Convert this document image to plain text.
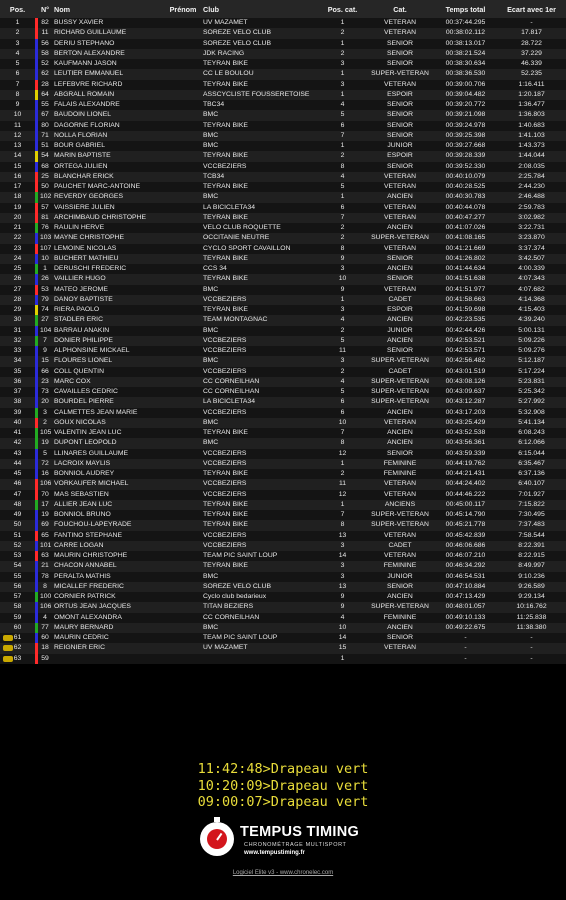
Pos.		N°	Nom	Prénom	Club	Pos. cat.	Cat.	Temps total	Ecart avec 1er
1		82	BUSSY XAVIER		UV MAZAMET	1	VETERAN	00:37:44.295	-
2		11	RICHARD GUILLAUME		SOREZE VELO CLUB	2	VETERAN	00:38:02.112	17.817
3		56	DERIU STEPHANO		SOREZE VELO CLUB	1	SENIOR	00:38:13.017	28.722
4		58	BERTON ALEXANDRE		JDK RACING	2	SENIOR	00:38:21.524	37.229
5		52	KAUFMANN JASON		TEYRAN BIKE	3	SENIOR	00:38:30.634	46.339
6		62	LEUTIER EMMANUEL		CC LE BOULOU	1	SUPER-VETERAN	00:38:36.530	52.235
7		28	LEFEBVRE RICHARD		TEYRAN BIKE	3	VETERAN	00:39:00.706	1:16.411
8		64	ABGRALL ROMAIN		ASSCYCLISTE FOUSSERETOISE	1	ESPOIR	00:39:04.482	1:20.187
9		55	FALAIS ALEXANDRE		TBC34	4	SENIOR	00:39:20.772	1:36.477
10		67	BAUDOIN LIONEL		BMC	5	SENIOR	00:39:21.098	1:36.803
11		80	DAGORNE FLORIAN		TEYRAN BIKE	6	SENIOR	00:39:24.978	1:40.683
12		71	NOLLA FLORIAN		BMC	7	SENIOR	00:39:25.398	1:41.103
13		51	BOUR GABRIEL		BMC	1	JUNIOR	00:39:27.668	1:43.373
14		54	MARIN BAPTISTE		TEYRAN BIKE	2	ESPOIR	00:39:28.339	1:44.044
15		68	ORTEGA JULIEN		VCCBEZIERS	8	SENIOR	00:39:52.330	2:08.035
16		25	BLANCHAR ERICK		TCB34	4	VETERAN	00:40:10.079	2:25.784
17		50	PAUCHET MARC-ANTOINE		TEYRAN BIKE	5	VETERAN	00:40:28.525	2:44.230
18		102	REVERDY GEORGES		BMC	1	ANCIEN	00:40:30.783	2:46.488
19		57	VAISSIERE JULIEN		LA BICICLETA34	6	VETERAN	00:40:44.078	2:59.783
20		81	ARCHIMBAUD CHRISTOPHE		TEYRAN BIKE	7	VETERAN	00:40:47.277	3:02.982
21		76	RAULIN HERVE		VELO CLUB ROQUETTE	2	ANCIEN	00:41:07.026	3:22.731
22		103	MAYNE CHRISTOPHE		OCCITANIE NEUTRE	2	SUPER-VETERAN	00:41:08.165	3:23.870
23		107	LEMOINE NICOLAS		CYCLO SPORT CAVAILLON	8	VETERAN	00:41:21.669	3:37.374
24		10	BUCHERT MATHIEU		TEYRAN BIKE	9	SENIOR	00:41:26.802	3:42.507
25		1	DERUSCHI FREDERIC		CCS 34	3	ANCIEN	00:41:44.634	4:00.339
26		26	VAILLIER HUGO		TEYRAN BIKE	10	SENIOR	00:41:51.638	4:07.343
27		53	MATEO JEROME		BMC	9	VETERAN	00:41:51.977	4:07.682
28		79	DANOY BAPTISTE		VCCBEZIERS	1	CADET	00:41:58.663	4:14.368
29		74	RIERA PAOLO		TEYRAN BIKE	3	ESPOIR	00:41:59.698	4:15.403
30		27	STADLER ERIC		TEAM MONTAGNAC	4	ANCIEN	00:42:23.535	4:39.240
31		104	BARRAU ANAKIN		BMC	2	JUNIOR	00:42:44.426	5:00.131
32		7	DONIER PHILIPPE		VCCBEZIERS	5	ANCIEN	00:42:53.521	5:09.226
33		9	ALPHONSINE MICKAEL		VCCBEZIERS	11	SENIOR	00:42:53.571	5:09.276
34		15	FLOURES LIONEL		BMC	3	SUPER-VETERAN	00:42:56.482	5:12.187
35		66	COLL QUENTIN		VCCBEZIERS	2	CADET	00:43:01.519	5:17.224
36		23	MARC COX		CC CORNEILHAN	4	SUPER-VETERAN	00:43:08.126	5:23.831
37		73	CAVAILLES CEDRIC		CC CORNEILHAN	5	SUPER-VETERAN	00:43:09.637	5:25.342
38		20	BOURDEL PIERRE		LA BICICLETA34	6	SUPER-VETERAN	00:43:12.287	5:27.992
39		3	CALMETTES JEAN MARIE		VCCBEZIERS	6	ANCIEN	00:43:17.203	5:32.908
40		2	GOUX NICOLAS		BMC	10	VETERAN	00:43:25.429	5:41.134
41		105	VALENTIN JEAN LUC		TEYRAN BIKE	7	ANCIEN	00:43:52.538	6:08.243
42		19	DUPONT LEOPOLD		BMC	8	ANCIEN	00:43:56.361	6:12.066
43		5	LLINARES GUILLAUME		VCCBEZIERS	12	SENIOR	00:43:59.339	6:15.044
44		72	LACROIX MAYLIS		VCCBEZIERS	1	FEMININE	00:44:19.762	6:35.467
45		16	BONNIOL AUDREY		TEYRAN BIKE	2	FEMININE	00:44:21.431	6:37.136
46		106	VORKAUFER MICHAEL		VCCBEZIERS	11	VETERAN	00:44:24.402	6:40.107
47		70	MAS SEBASTIEN		VCCBEZIERS	12	VETERAN	00:44:46.222	7:01.927
48		17	ALLIER JEAN LUC		TEYRAN BIKE	1	ANCIENS	00:45:00.117	7:15.822
49		19	BONNIOL BRUNO		TEYRAN BIKE	7	SUPER-VETERAN	00:45:14.790	7:30.495
50		69	FOUCHOU-LAPEYRADE		TEYRAN BIKE	8	SUPER-VETERAN	00:45:21.778	7:37.483
51		65	FANTINO STEPHANE		VCCBEZIERS	13	VETERAN	00:45:42.839	7:58.544
52		101	CARRE LOGAN		VCCBEZIERS	3	CADET	00:46:06.686	8:22.391
53		63	MAURIN CHRISTOPHE		TEAM PIC SAINT LOUP	14	VETERAN	00:46:07.210	8:22.915
54		21	CHACON ANNABEL		TEYRAN BIKE	3	FEMININE	00:46:34.292	8:49.997
55		78	PERALTA MATHIS		BMC	3	JUNIOR	00:46:54.531	9:10.236
56		8	MICALLEF FREDERIC		SOREZE VELO CLUB	13	SENIOR	00:47:10.884	9:26.589
57		100	CORNIER PATRICK		Cyclo club bedarieux	9	ANCIEN	00:47:13.429	9:29.134
58		106	ORTUS JEAN JACQUES		TITAN BEZIERS	9	SUPER-VETERAN	00:48:01.057	10:16.762
59		4	OMONT ALEXANDRA		CC CORNEILHAN	4	FEMININE	00:49:10.133	11:25.838
60		77	MAURY BERNARD		BMC	10	ANCIEN	00:49:22.675	11:38.380

61		60	MAURIN CEDRIC		TEAM PIC SAINT LOUP	14	SENIOR	-	-

62		18	REIGNIER ERIC		UV MAZAMET	15	VETERAN	-	-

63		59				1		-	-
11:42:48>Drapeau vert
10:20:09>Drapeau vert
09:00:07>Drapeau vert
TEMPUS TIMING
CHRONOMÉTRAGE MULTISPORT
www.tempustiming.fr
Logiciel Elite v3 - www.chronelec.com
